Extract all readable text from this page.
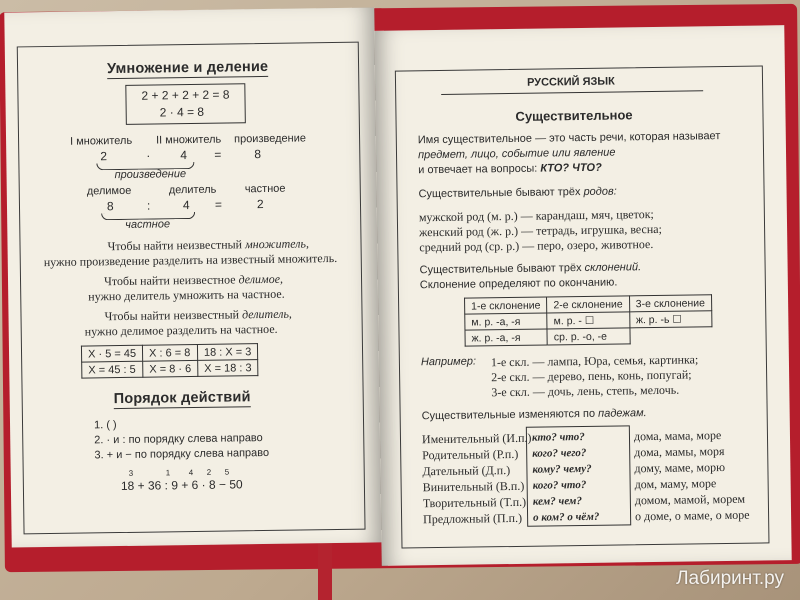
Умножение и деление
2 + 2 + 2 + 2 = 8
2 · 4 = 8
I множитель II множитель произведение
2	· 4 =	8
произведение
делимое	делитель	частное
8	:	4 =	2
частное
Чтобы найти неизвестный множитель,
нужно произведение разделить на известный множитель.
Чтобы найти неизвестное делимое,
нужно делитель умножить на частное.
Чтобы найти неизвестный делитель,
нужно делимое разделить на частное.
X · 5 = 45	X : 6 = 8	18 : X = 3
X = 45 : 5	X = 8 · 6	X = 18 : 3
Порядок действий
1. ( )
2. · и : по порядку слева направо
3. + и − по порядку слева направо
3	1 4 2 5
18 + 36 : 9 + 6 · 8 − 50
РУССКИЙ ЯЗЫК
Существительное
Имя существительное — это часть речи, которая называет
предмет, лицо, событие или явление
и отвечает на вопросы: КТО? ЧТО?
Существительные бывают трёх родов:
мужской род (м. р.) — карандаш, мяч, цветок;
женский род (ж. р.) — тетрадь, игрушка, весна;
средний род (ср. р.) — перо, озеро, животное.
Существительные бывают трёх склонений.
Склонение определяют по окончанию.
1-е склонение	2-е склонение	3-е склонение
м. р. -а, -я	м. р. - ☐	ж. р. -ь ☐
ж. р. -а, -я	ср. р. -о, -е	
Например: 1-е скл. — лампа, Юра, семья, картинка;
2-е скл. — дерево, пень, конь, попугай;
3-е скл. — дочь, лень, степь, мелочь.
Существительные изменяются по падежам.
Именительный (И.п.) кто? что?	дома, мама, море
Родительный (Р.п.) кого? чего?	дома, мамы, моря
Дательный (Д.п.) кому? чему?	дому, маме, морю
Винительный (В.п.) кого? что?	дом, маму, море
Творительный (Т.п.) кем? чем?	домом, мамой, морем
Предложный (П.п.) о ком? о чём?	о доме, о маме, о море
Лабиринт.ру
